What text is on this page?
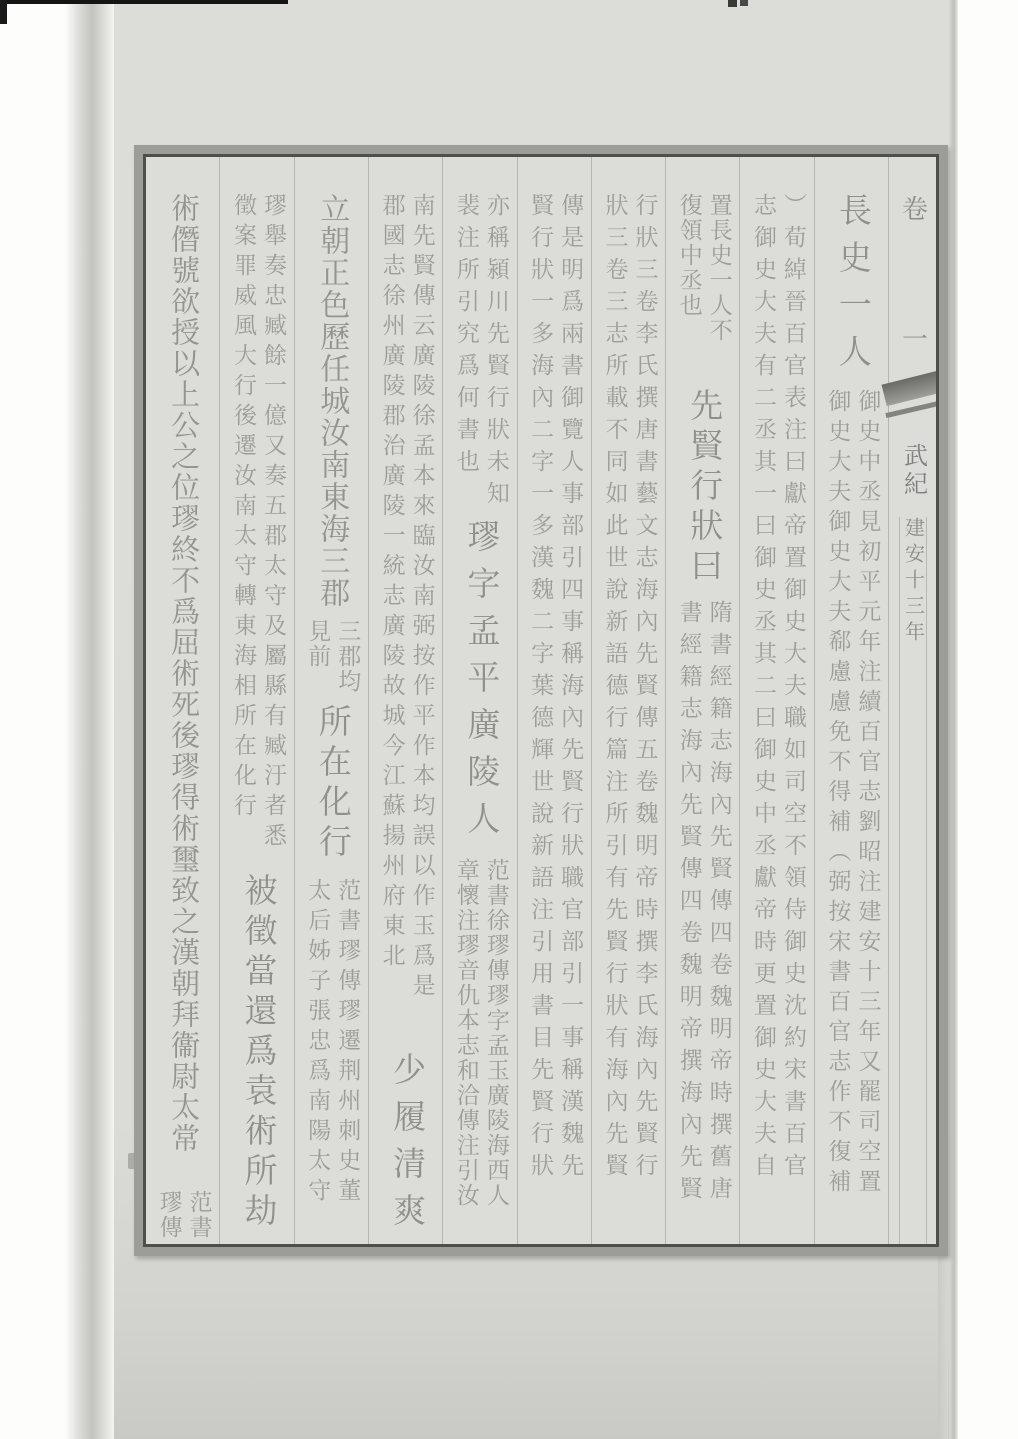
卷
一
武紀
建安十三年
長史一人
御史中丞見初平元年注續百官志劉昭注建安十三年又罷司空置
御史大夫御史大夫郗慮慮免不得補（弼按宋書百官志作不復補
）荀綽晉百官表注曰獻帝置御史大夫職如司空不領侍御史沈約宋書百官
志御史大夫有二丞其一曰御史丞其二曰御史中丞獻帝時更置御史大夫自
置長史一人不
復領中丞也
先賢行狀曰
隋書經籍志海內先賢傳四卷魏明帝時撰舊唐
書經籍志海內先賢傳四卷魏明帝撰海內先賢
行狀三卷李氏撰唐書藝文志海內先賢傳五卷魏明帝時撰李氏海內先賢行
狀三卷三志所載不同如此世說新語德行篇注所引有先賢行狀有海內先賢
傳是明爲兩書御覽人事部引四事稱海內先賢行狀職官部引一事稱漢魏先
賢行狀一多海內二字一多漢魏二字葉德輝世說新語注引用書目先賢行狀
亦稱潁川先賢行狀未知
裴注所引究爲何書也
璆字孟平廣陵人
范書徐璆傳璆字孟玉廣陵海西人
章懷注璆音仇本志和洽傳注引汝
南先賢傳云廣陵徐孟本來臨汝南弼按作平作本均誤以作玉爲是
郡國志徐州廣陵郡治廣陵一統志廣陵故城今江蘇揚州府東北
少履清爽
立朝正色歷任城汝南東海三郡
三郡均
見前
所在化行
范書璆傳璆遷荆州刺史董
太后姊子張忠爲南陽太守
璆舉奏忠臧餘一億又奏五郡太守及屬縣有臧汙者悉
徵案罪威風大行後遷汝南太守轉東海相所在化行
被徵當還爲袁術所劫
術僭號欲授以上公之位璆終不爲屈術死後璆得術璽致之漢朝拜衞尉太常
范書
璆傳
